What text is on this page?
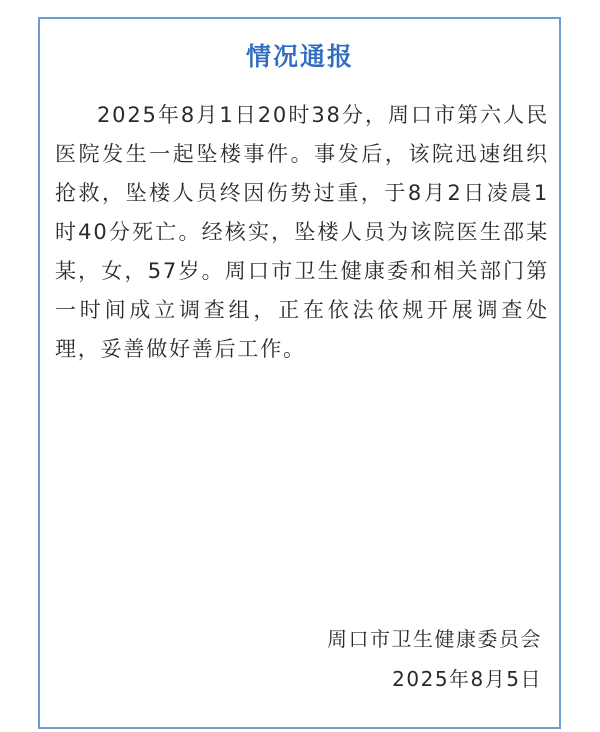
情况通报
2025年8月1日20时38分，周口市第六人民医院发生一起坠楼事件。事发后，该院迅速组织抢救，坠楼人员终因伤势过重，于8月2日凌晨1时40分死亡。经核实，坠楼人员为该院医生邵某某，女，57岁。周口市卫生健康委和相关部门第一时间成立调查组，正在依法依规开展调查处理，妥善做好善后工作。
周口市卫生健康委员会
2025年8月5日
